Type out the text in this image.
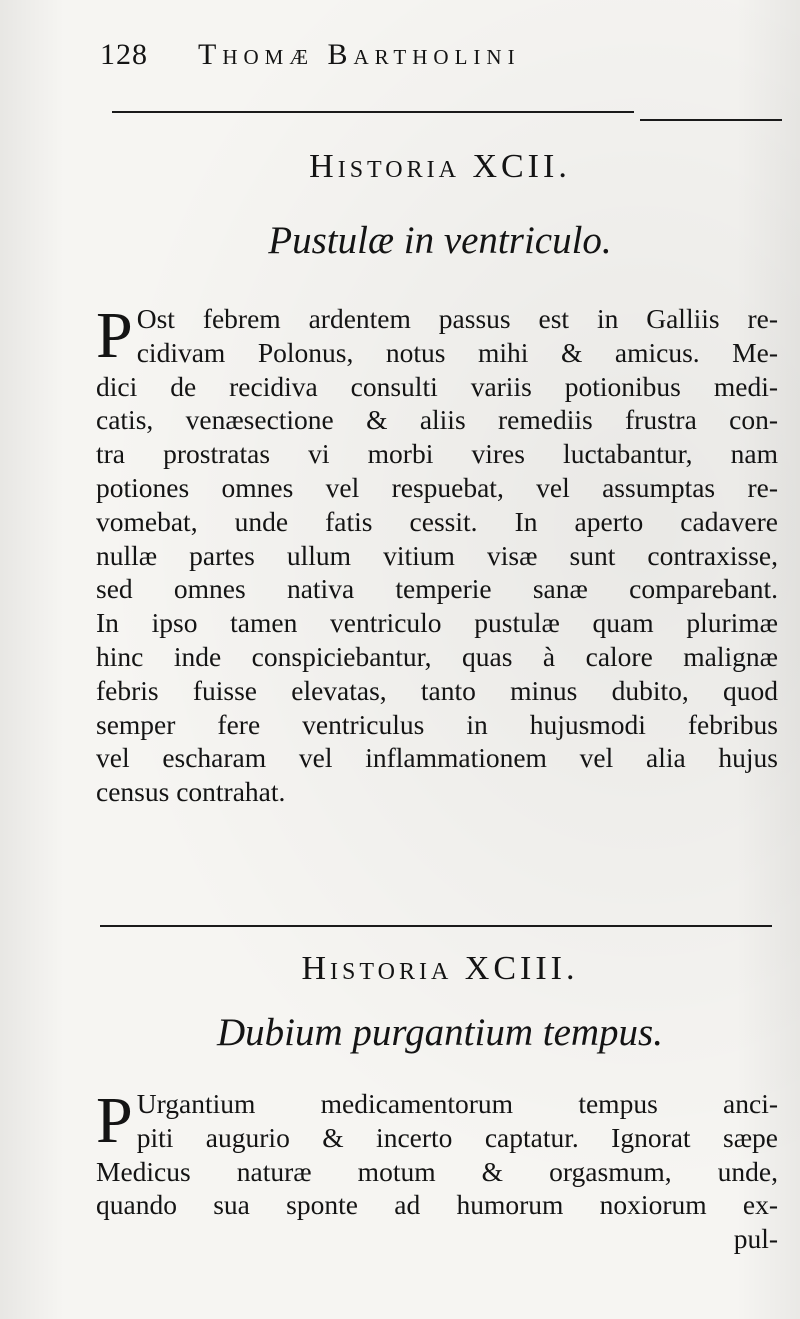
128 Thomæ Bartholini
Historia XCII.
Pustulæ in ventriculo.
P Ost febrem ardentem passus est in Galliis re-
cidivam Polonus, notus mihi & amicus. Me-
dici de recidiva consulti variis potionibus medi-
catis, venæsectione & aliis remediis frustra con-
tra prostratas vi morbi vires luctabantur, nam
potiones omnes vel respuebat, vel assumptas re-
vomebat, unde fatis cessit. In aperto cadavere
nullæ partes ullum vitium visæ sunt contraxisse,
sed omnes nativa temperie sanæ comparebant.
In ipso tamen ventriculo pustulæ quam plurimæ
hinc inde conspiciebantur, quas à calore malignæ
febris fuisse elevatas, tanto minus dubito, quod
semper fere ventriculus in hujusmodi febribus
vel escharam vel inflammationem vel alia hujus
census contrahat.
Historia XCIII.
Dubium purgantium tempus.
P Urgantium medicamentorum tempus anci-
piti augurio & incerto captatur. Ignorat sæpe
Medicus naturæ motum & orgasmum, unde,
quando sua sponte ad humorum noxiorum ex-
pul-
